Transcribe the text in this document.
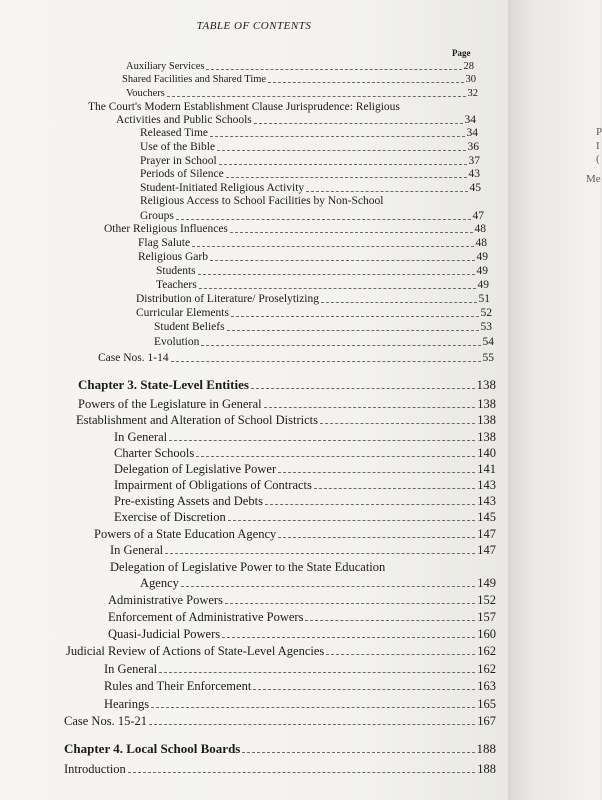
TABLE OF CONTENTS
Page
Auxiliary Services	28
Shared Facilities and Shared Time	30
Vouchers	32
The Court's Modern Establishment Clause Jurisprudence: Religious
Activities and Public Schools	34
Released Time	34
Use of the Bible	36
Prayer in School	37
Periods of Silence	43
Student-Initiated Religious Activity	45
Religious Access to School Facilities by Non-School
Groups	47
Other Religious Influences	48
Flag Salute	48
Religious Garb	49
Students	49
Teachers	49
Distribution of Literature/ Proselytizing	51
Curricular Elements	52
Student Beliefs	53
Evolution	54
Case Nos. 1-14	55
Chapter 3. State-Level Entities	138
Powers of the Legislature in General	138
Establishment and Alteration of School Districts	138
In General	138
Charter Schools	140
Delegation of Legislative Power	141
Impairment of Obligations of Contracts	143
Pre-existing Assets and Debts	143
Exercise of Discretion	145
Powers of a State Education Agency	147
In General	147
Delegation of Legislative Power to the State Education
Agency	149
Administrative Powers	152
Enforcement of Administrative Powers	157
Quasi-Judicial Powers	160
Judicial Review of Actions of State-Level Agencies	162
In General	162
Rules and Their Enforcement	163
Hearings	165
Case Nos. 15-21	167
Chapter 4. Local School Boards	188
Introduction	188
P
I
(
Me
